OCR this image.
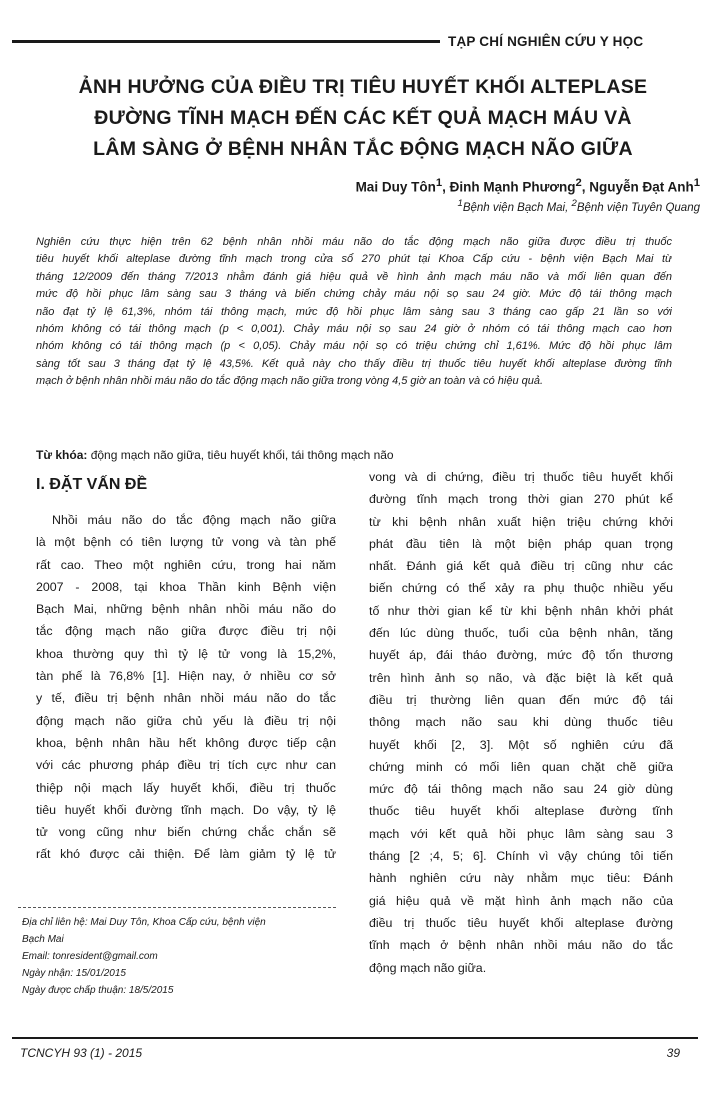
TẠP CHÍ NGHIÊN CỨU Y HỌC
ẢNH HƯỞNG CỦA ĐIỀU TRỊ TIÊU HUYẾT KHỐI ALTEPLASE
ĐƯỜNG TĨNH MẠCH ĐẾN CÁC KẾT QUẢ MẠCH MÁU VÀ
LÂM SÀNG Ở BỆNH NHÂN TẮC ĐỘNG MẠCH NÃO GIỮA
Mai Duy Tôn$^1$, Đinh Mạnh Phương$^2$, Nguyễn Đạt Anh$^1$
$^1$Bệnh viện Bạch Mai, $^2$Bệnh viện Tuyên Quang
Nghiên cứu thực hiện trên 62 bệnh nhân nhồi máu não do tắc động mạch não giữa được điều trị thuốc
tiêu huyết khối alteplase đường tĩnh mạch trong cửa sổ 270 phút tại Khoa Cấp cứu - bệnh viện Bạch Mai từ
tháng 12/2009 đến tháng 7/2013 nhằm đánh giá hiệu quả về hình ảnh mạch máu não và mối liên quan đến
mức độ hồi phục lâm sàng sau 3 tháng và biến chứng chảy máu nội sọ sau 24 giờ. Mức độ tái thông mạch
não đạt tỷ lệ 61,3%, nhóm tái thông mạch, mức độ hồi phục lâm sàng sau 3 tháng cao gấp 21 lần so với
nhóm không có tái thông mạch (p < 0,001). Chảy máu nội sọ sau 24 giờ ở nhóm có tái thông mạch cao hơn
nhóm không có tái thông mạch (p < 0,05). Chảy máu nội sọ có triệu chứng chỉ 1,61%. Mức độ hồi phục lâm
sàng tốt sau 3 tháng đạt tỷ lệ 43,5%. Kết quả này cho thấy điều trị thuốc tiêu huyết khối alteplase đường tĩnh
mạch ở bệnh nhân nhồi máu não do tắc động mạch não giữa trong vòng 4,5 giờ an toàn và có hiệu quả.
Từ khóa: động mạch não giữa, tiêu huyết khối, tái thông mạch não
I. ĐẶT VẤN ĐỀ
Nhồi máu não do tắc động mạch não giữa
là một bệnh có tiên lượng tử vong và tàn phế
rất cao. Theo một nghiên cứu, trong hai năm
2007 - 2008, tại khoa Thần kinh Bệnh viện
Bạch Mai, những bệnh nhân nhồi máu não do
tắc động mạch não giữa được điều trị nội
khoa thường quy thì tỷ lệ tử vong là 15,2%,
tàn phế là 76,8% [1]. Hiện nay, ở nhiều cơ sở
y tế, điều trị bệnh nhân nhồi máu não do tắc
động mạch não giữa chủ yếu là điều trị nội
khoa, bệnh nhân hầu hết không được tiếp cận
với các phương pháp điều trị tích cực như can
thiệp nội mạch lấy huyết khối, điều trị thuốc
tiêu huyết khối đường tĩnh mạch. Do vậy, tỷ lệ
tử vong cũng như biến chứng chắc chắn sẽ
rất khó được cải thiện. Để làm giảm tỷ lệ tử
vong và di chứng, điều trị thuốc tiêu huyết khối
đường tĩnh mạch trong thời gian 270 phút kể
từ khi bệnh nhân xuất hiện triệu chứng khởi
phát đầu tiên là một biện pháp quan trọng
nhất. Đánh giá kết quả điều trị cũng như các
biến chứng có thể xảy ra phụ thuộc nhiều yếu
tố như thời gian kể từ khi bệnh nhân khởi phát
đến lúc dùng thuốc, tuổi của bệnh nhân, tăng
huyết áp, đái tháo đường, mức độ tổn thương
trên hình ảnh sọ não, và đặc biệt là kết quả
điều trị thường liên quan đến mức độ tái
thông mạch não sau khi dùng thuốc tiêu
huyết khối [2, 3]. Một số nghiên cứu đã
chứng minh có mối liên quan chặt chẽ giữa
mức độ tái thông mạch não sau 24 giờ dùng
thuốc tiêu huyết khối alteplase đường tĩnh
mạch với kết quả hồi phục lâm sàng sau 3
tháng [2 ;4, 5; 6]. Chính vì vậy chúng tôi tiến
hành nghiên cứu này nhằm mục tiêu: Đánh
giá hiệu quả về mặt hình ảnh mạch não của
điều trị thuốc tiêu huyết khối alteplase đường
tĩnh mạch ở bệnh nhân nhồi máu não do tắc
động mạch não giữa.
Địa chỉ liên hệ: Mai Duy Tôn, Khoa Cấp cứu, bệnh viện
Bạch Mai
Email: tonresident@gmail.com
Ngày nhận: 15/01/2015
Ngày được chấp thuận: 18/5/2015
TCNCYH 93 (1) - 2015	39
